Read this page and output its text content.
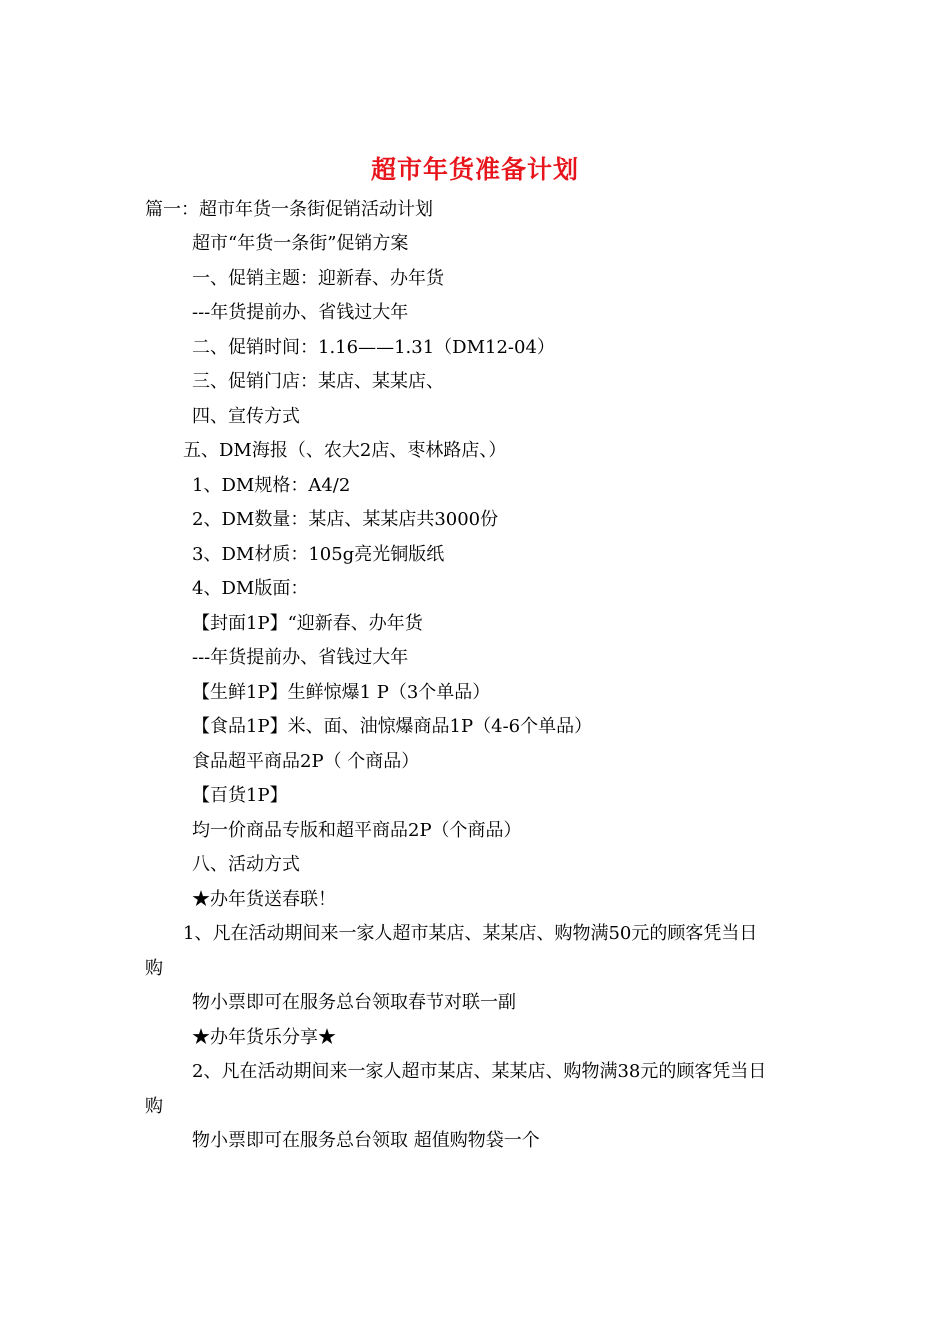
超市年货准备计划

篇一：超市年货一条街促销活动计划

超市“年货一条街”促销方案

一、促销主题：迎新春、办年货

---年货提前办、省钱过大年

二、促销时间：1.16——1.31（DM12-04）

三、促销门店：某店、某某店、

四、宣传方式

五、DM海报（、农大2店、枣林路店、）

1、DM规格：A4/2

2、DM数量：某店、某某店共3000份

3、DM材质：105g亮光铜版纸

4、DM版面：

【封面1P】“迎新春、办年货

---年货提前办、省钱过大年

【生鲜1P】生鲜惊爆1 P（3个单品）

【食品1P】米、面、油惊爆商品1P（4-6个单品）

食品超平商品2P（ 个商品）

【百货1P】

均一价商品专版和超平商品2P（个商品）

八、活动方式

★办年货送春联！

1、凡在活动期间来一家人超市某店、某某店、购物满50元的顾客凭当日

购

物小票即可在服务总台领取春节对联一副

★办年货乐分享★

2、凡在活动期间来一家人超市某店、某某店、购物满38元的顾客凭当日

购

物小票即可在服务总台领取 超值购物袋一个
